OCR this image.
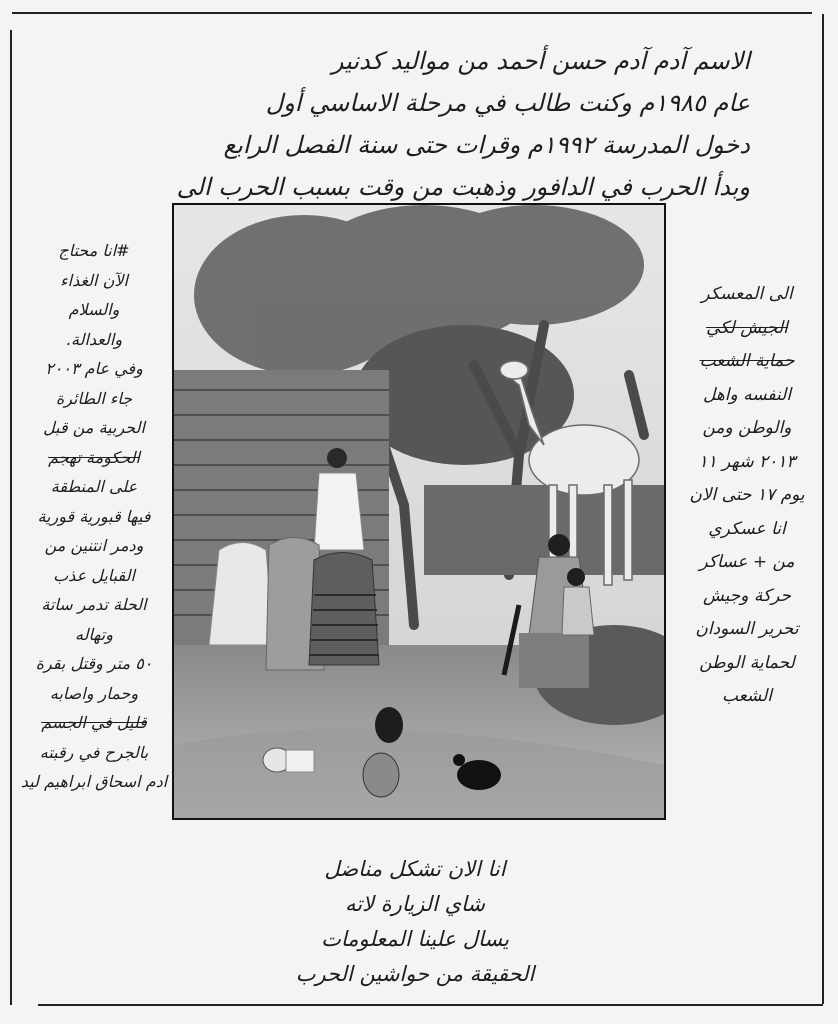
الاسم آدم آدم حسن أحمد من مواليد كدنير
عام ١٩٨٥م وكنت طالب في مرحلة الاساسي أول
دخول المدرسة ١٩٩٢م وقرات حتى سنة الفصل الرابع
وبدأ الحرب في الدافور وذهبت من وقت بسبب الحرب الى
#انا محتاج
الآن الغذاء
والسلام
والعدالة.
وفي عام ٢٠٠٣
جاء الطائرة
الحربية من قبل
الحكومة تهجم
على المنطقة
فيها قبورية قورية
ودمر انتنين من
القبايل عذب
الحلة تدمر ساتة
وتهاله
٥٠ متر وقتل بقرة
وحمار واصابه
قليل في الجسم
بالجرح في رقبته
ادم اسحاق ابراهيم ليد
الى المعسكر
الجيش لكي
حماية الشعب
النفسه واهل
والوطن ومن
٢٠١٣ شهر ١١
يوم ١٧ حتى الان
انا عسكري
من + عساكر
حركة وجيش
تحرير السودان
لحماية الوطن
الشعب
انا الان تشكل مناضل
شاي الزيارة لاته
يسال علينا المعلومات
الحقيقة من حواشين الحرب
